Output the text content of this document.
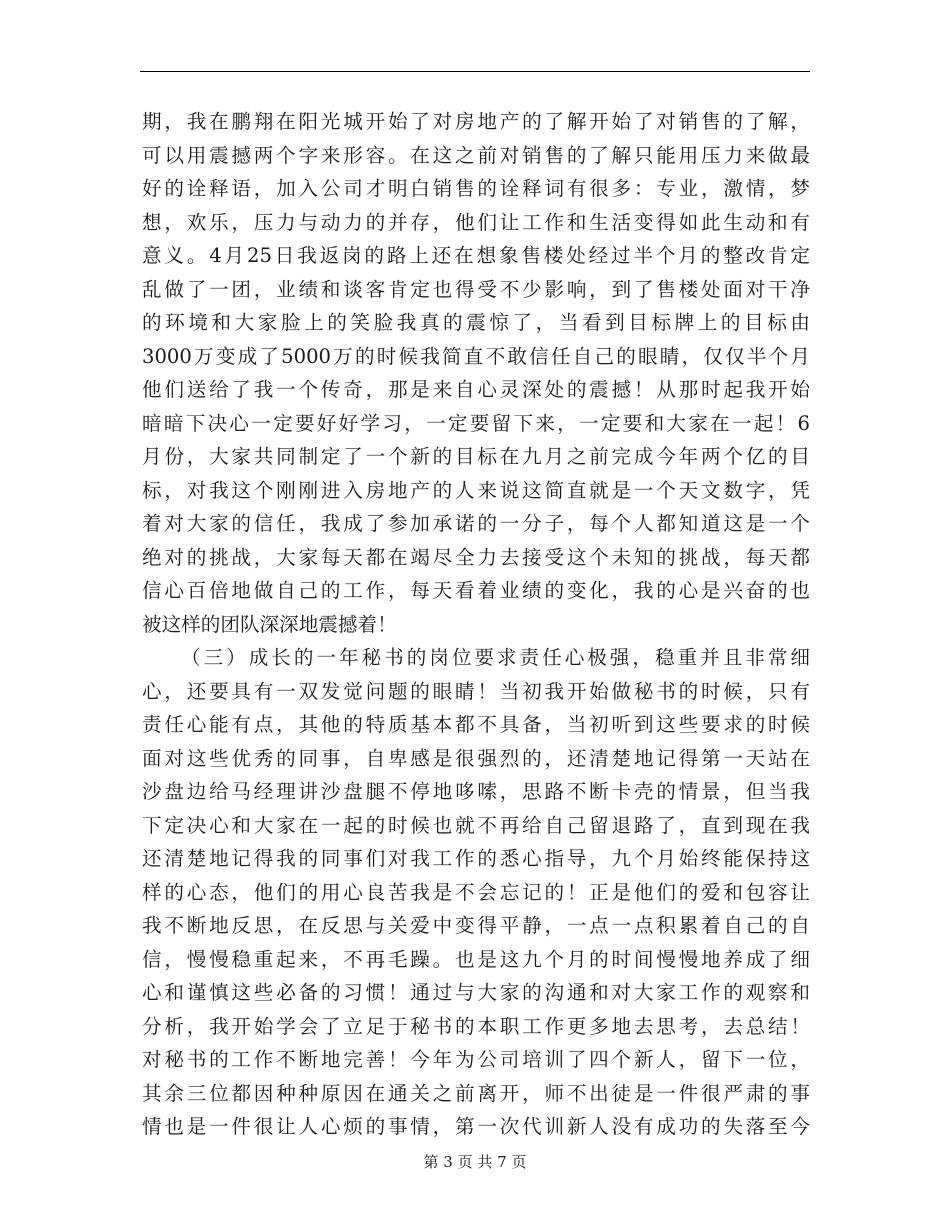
期，我在鹏翔在阳光城开始了对房地产的了解开始了对销售的了解，
可以用震撼两个字来形容。在这之前对销售的了解只能用压力来做最
好的诠释语，加入公司才明白销售的诠释词有很多：专业，激情，梦
想，欢乐，压力与动力的并存，他们让工作和生活变得如此生动和有
意义。4月25日我返岗的路上还在想象售楼处经过半个月的整改肯定
乱做了一团，业绩和谈客肯定也得受不少影响，到了售楼处面对干净
的环境和大家脸上的笑脸我真的震惊了，当看到目标牌上的目标由
3000万变成了5000万的时候我简直不敢信任自己的眼睛，仅仅半个月
他们送给了我一个传奇，那是来自心灵深处的震撼！从那时起我开始
暗暗下决心一定要好好学习，一定要留下来，一定要和大家在一起！6
月份，大家共同制定了一个新的目标在九月之前完成今年两个亿的目
标，对我这个刚刚进入房地产的人来说这简直就是一个天文数字，凭
着对大家的信任，我成了参加承诺的一分子，每个人都知道这是一个
绝对的挑战，大家每天都在竭尽全力去接受这个未知的挑战，每天都
信心百倍地做自己的工作，每天看着业绩的变化，我的心是兴奋的也
被这样的团队深深地震撼着！
（三）成长的一年秘书的岗位要求责任心极强，稳重并且非常细
心，还要具有一双发觉问题的眼睛！当初我开始做秘书的时候，只有
责任心能有点，其他的特质基本都不具备，当初听到这些要求的时候
面对这些优秀的同事，自卑感是很强烈的，还清楚地记得第一天站在
沙盘边给马经理讲沙盘腿不停地哆嗦，思路不断卡壳的情景，但当我
下定决心和大家在一起的时候也就不再给自己留退路了，直到现在我
还清楚地记得我的同事们对我工作的悉心指导，九个月始终能保持这
样的心态，他们的用心良苦我是不会忘记的！正是他们的爱和包容让
我不断地反思，在反思与关爱中变得平静，一点一点积累着自己的自
信，慢慢稳重起来，不再毛躁。也是这九个月的时间慢慢地养成了细
心和谨慎这些必备的习惯！通过与大家的沟通和对大家工作的观察和
分析，我开始学会了立足于秘书的本职工作更多地去思考，去总结！
对秘书的工作不断地完善！今年为公司培训了四个新人，留下一位，
其余三位都因种种原因在通关之前离开，师不出徒是一件很严肃的事
情也是一件很让人心烦的事情，第一次代训新人没有成功的失落至今
第 3 页 共 7 页
